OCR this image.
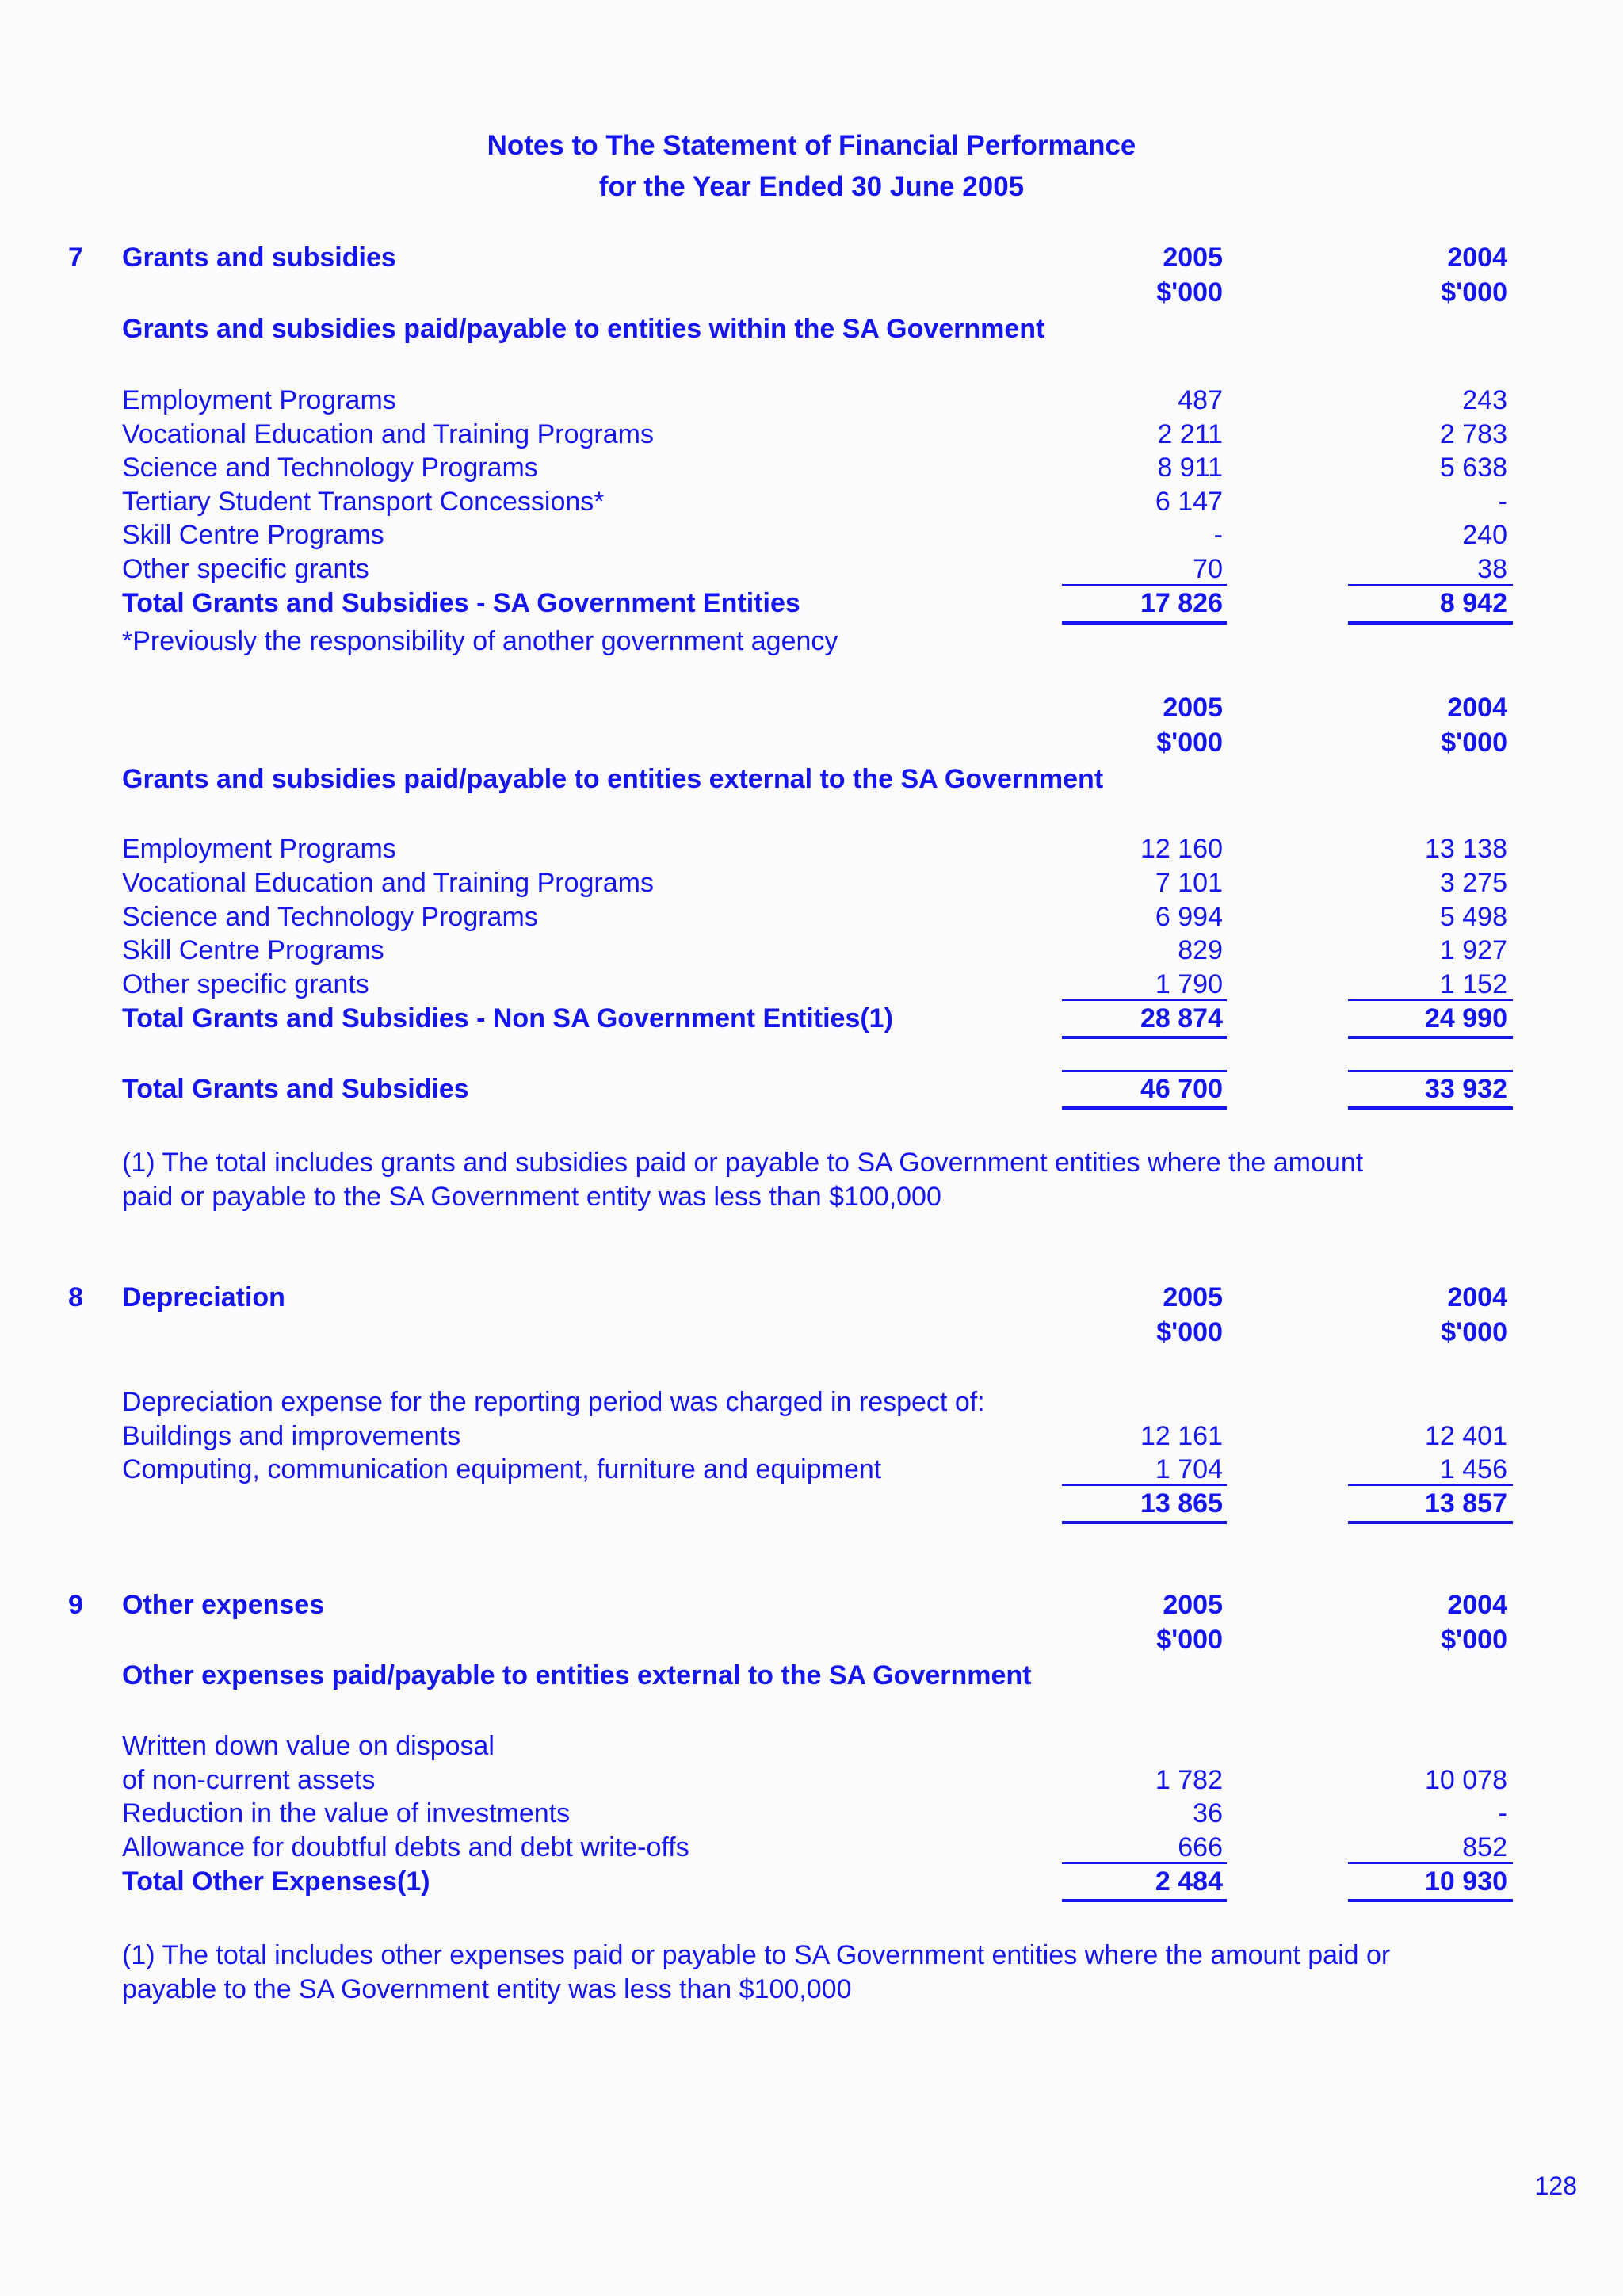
Notes to The Statement of Financial Performance
for the Year Ended 30 June 2005
7 Grants and subsidies	2005	2004
$'000	$'000
Grants and subsidies paid/payable to entities within the SA Government
Employment Programs	487	243
Vocational Education and Training Programs	2 211	2 783
Science and Technology Programs	8 911	5 638
Tertiary Student Transport Concessions*	6 147	-
Skill Centre Programs	-	240
Other specific grants	70	38
Total Grants and Subsidies - SA Government Entities	17 826	8 942
*Previously the responsibility of another government agency
2005	2004
$'000	$'000
Grants and subsidies paid/payable to entities external to the SA Government
Employment Programs	12 160	13 138
Vocational Education and Training Programs	7 101	3 275
Science and Technology Programs	6 994	5 498
Skill Centre Programs	829	1 927
Other specific grants	1 790	1 152
Total Grants and Subsidies - Non SA Government Entities(1)	28 874	24 990
Total Grants and Subsidies	46 700	33 932
(1) The total includes grants and subsidies paid or payable to SA Government entities where the amount
paid or payable to the SA Government entity was less than $100,000
8 Depreciation	2005	2004
$'000	$'000
Depreciation expense for the reporting period was charged in respect of:
Buildings and improvements	12 161	12 401
Computing, communication equipment, furniture and equipment	1 704	1 456
13 865	13 857
9 Other expenses	2005	2004
$'000	$'000
Other expenses paid/payable to entities external to the SA Government
Written down value on disposal
of non-current assets	1 782	10 078
Reduction in the value of investments	36	-
Allowance for doubtful debts and debt write-offs	666	852
Total Other Expenses(1)	2 484	10 930
(1) The total includes other expenses paid or payable to SA Government entities where the amount paid or
payable to the SA Government entity was less than $100,000
128
